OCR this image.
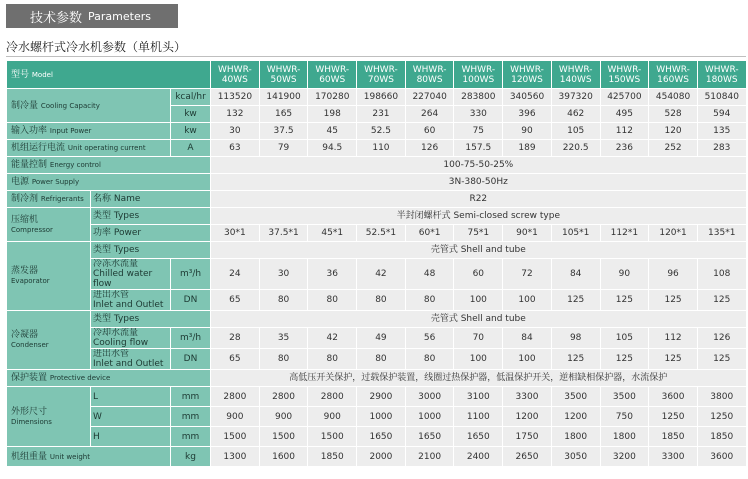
技术参数 Parameters
冷水螺杆式冷水机参数（单机头）
型号 Model			WHWR-40WS	WHWR-50WS	WHWR-60WS	WHWR-70WS	WHWR-80WS	WHWR-100WS	WHWR-120WS	WHWR-140WS	WHWR-150WS	WHWR-160WS	WHWR-180WS
制冷量 Cooling Capacity		kcal/hr	113520	141900	170280	198660	227040	283800	340560	397320	425700	454080	510840
		kw	132	165	198	231	264	330	396	462	495	528	594
输入功率 Input Power		kw	30	37.5	45	52.5	60	75	90	105	112	120	135
机组运行电流 Unit operating current		A	63	79	94.5	110	126	157.5	189	220.5	236	252	283
能量控制 Energy control			100-75-50-25%										
电源 Power Supply			3N-380-50Hz										
制冷剂 Refrigerants	名称 Name		R22										
压缩机
Compressor	类型 Types		半封闭螺杆式 Semi-closed screw type										
	功率 Power		30*1	37.5*1	45*1	52.5*1	60*1	75*1	90*1	105*1	112*1	120*1	135*1
蒸发器
Evaporator	类型 Types		壳管式 Shell and tube										
	冷冻水流量
Chilled water flow	m³/h	24	30	36	42	48	60	72	84	90	96	108
	进出水管
Inlet and Outlet	DN	65	80	80	80	80	100	100	125	125	125	125
冷凝器
Condenser	类型 Types		壳管式 Shell and tube										
	冷却水流量
Cooling flow	m³/h	28	35	42	49	56	70	84	98	105	112	126
	进出水管
Inlet and Outlet	DN	65	80	80	80	80	100	100	125	125	125	125
保护装置 Protective device			高低压开关保护，过载保护装置，线圈过热保护器，低温保护开关，逆相缺相保护器，水流保护										
外形尺寸
Dimensions	L	mm	2800	2800	2800	2900	3000	3100	3300	3500	3500	3600	3800
	W	mm	900	900	900	1000	1000	1100	1200	1200	750	1250	1250
	H	mm	1500	1500	1500	1650	1650	1650	1750	1800	1800	1850	1850
机组重量 Unit weight		kg	1300	1600	1850	2000	2100	2400	2650	3050	3200	3300	3600
